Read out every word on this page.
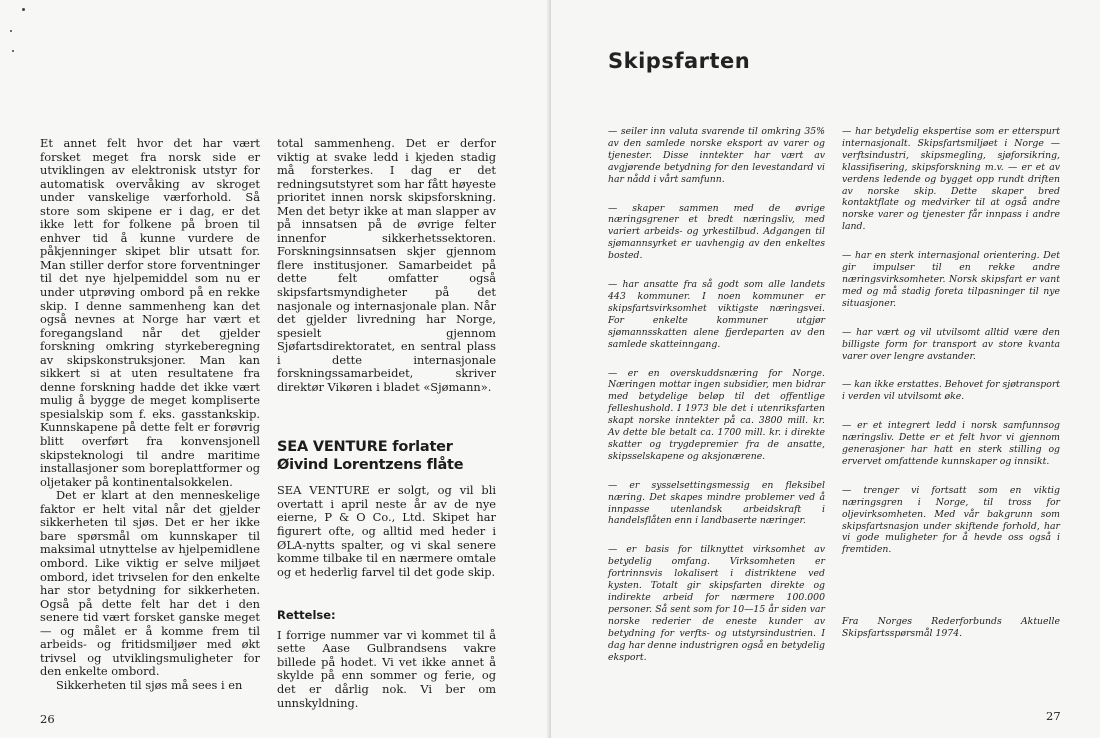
Et annet felt hvor det har vært forsket meget fra norsk side er utviklingen av elektronisk utstyr for automatisk overvåking av skroget under vanskelige værforhold. Så store som skipene er i dag, er det ikke lett for folkene på broen til enhver tid å kunne vurdere de påkjenninger skipet blir utsatt for. Man stiller derfor store forventninger til det nye hjelpemiddel som nu er under utprøving ombord på en rekke skip. I denne sammenheng kan det også nevnes at Norge har vært et foregangsland når det gjelder forskning omkring styrkeberegning av skipskonstruksjoner. Man kan sikkert si at uten resultatene fra denne forskning hadde det ikke vært mulig å bygge de meget kompliserte spesialskip som f. eks. gasstankskip. Kunnskapene på dette felt er forøvrig blitt overført fra konvensjonell skipsteknologi til andre maritime installasjoner som boreplattformer og oljetaker på kontinentalsokkelen.

Det er klart at den menneskelige faktor er helt vital når det gjelder sikkerheten til sjøs. Det er her ikke bare spørsmål om kunnskaper til maksimal utnyttelse av hjelpemidlene ombord. Like viktig er selve miljøet ombord, idet trivselen for den enkelte har stor betydning for sikkerheten. Også på dette felt har det i den senere tid vært forsket ganske meget — og målet er å komme frem til arbeids- og fritidsmiljøer med økt trivsel og utviklingsmuligheter for den enkelte ombord.

Sikkerheten til sjøs må sees i en

total sammenheng. Det er derfor viktig at svake ledd i kjeden stadig må forsterkes. I dag er det redningsutstyret som har fått høyeste prioritet innen norsk skipsforskning. Men det betyr ikke at man slapper av på innsatsen på de øvrige felter innenfor sikkerhetssektoren. Forskningsinnsatsen skjer gjennom flere institusjoner. Samarbeidet på dette felt omfatter også skipsfartsmyndigheter på det nasjonale og internasjonale plan. Når det gjelder livredning har Norge, spesielt gjennom Sjøfartsdirektoratet, en sentral plass i dette internasjonale forskningssamarbeidet, skriver direktør Vikøren i bladet «Sjømann».

SEA VENTURE forlater
Øivind Lorentzens flåte

SEA VENTURE er solgt, og vil bli overtatt i april neste år av de nye eierne, P & O Co., Ltd. Skipet har figurert ofte, og alltid med heder i ØLA-nytts spalter, og vi skal senere komme tilbake til en nærmere omtale og et hederlig farvel til det gode skip.

Rettelse:

I forrige nummer var vi kommet til å sette Aase Gulbrandsens vakre billede på hodet. Vi vet ikke annet å skylde på enn sommer og ferie, og det er dårlig nok. Vi ber om unnskyldning.

26
Skipsfarten

— seiler inn valuta svarende til omkring 35% av den samlede norske eksport av varer og tjenester. Disse inntekter har vært av avgjørende betydning for den levestandard vi har nådd i vårt samfunn.

— skaper sammen med de øvrige næringsgrener et bredt næringsliv, med variert arbeids- og yrkestilbud. Adgangen til sjømannsyrket er uavhengig av den enkeltes bosted.

— har ansatte fra så godt som alle landets 443 kommuner. I noen kommuner er skipsfartsvirksomhet viktigste næringsvei. For enkelte kommuner utgjør sjømannsskatten alene fjerdeparten av den samlede skatteinngang.

— er en overskuddsnæring for Norge. Næringen mottar ingen subsidier, men bidrar med betydelige beløp til det offentlige felleshushold. I 1973 ble det i utenriksfarten skapt norske inntekter på ca. 3800 mill. kr. Av dette ble betalt ca. 1700 mill. kr. i direkte skatter og trygdepremier fra de ansatte, skipsselskapene og aksjonærene.

— er sysselsettingsmessig en fleksibel næring. Det skapes mindre problemer ved å innpasse utenlandsk arbeidskraft i handelsflåten enn i landbaserte næringer.

— er basis for tilknyttet virksomhet av betydelig omfang. Virksomheten er fortrinnsvis lokalisert i distriktene ved kysten. Totalt gir skipsfarten direkte og indirekte arbeid for nærmere 100.000 personer. Så sent som for 10—15 år siden var norske rederier de eneste kunder av betydning for verfts- og utstyrsindustrien. I dag har denne industrigren også en betydelig eksport.

— har betydelig ekspertise som er etterspurt internasjonalt. Skipsfartsmiljøet i Norge — verftsindustri, skipsmegling, sjøforsikring, klassifisering, skipsforskning m.v. — er et av verdens ledende og bygget opp rundt driften av norske skip. Dette skaper bred kontaktflate og medvirker til at også andre norske varer og tjenester får innpass i andre land.

— har en sterk internasjonal orientering. Det gir impulser til en rekke andre næringsvirksomheter. Norsk skipsfart er vant med og må stadig foreta tilpasninger til nye situasjoner.

— har vært og vil utvilsomt alltid være den billigste form for transport av store kvanta varer over lengre avstander.

— kan ikke erstattes. Behovet for sjøtransport i verden vil utvilsomt øke.

— er et integrert ledd i norsk samfunnsog næringsliv. Dette er et felt hvor vi gjennom generasjoner har hatt en sterk stilling og ervervet omfattende kunnskaper og innsikt.

— trenger vi fortsatt som en viktig næringsgren i Norge, til tross for oljevirksomheten. Med vår bakgrunn som skipsfartsnasjon under skiftende forhold, har vi gode muligheter for å hevde oss også i fremtiden.

Fra Norges Rederforbunds Aktuelle Skipsfartsspørsmål 1974.

27
